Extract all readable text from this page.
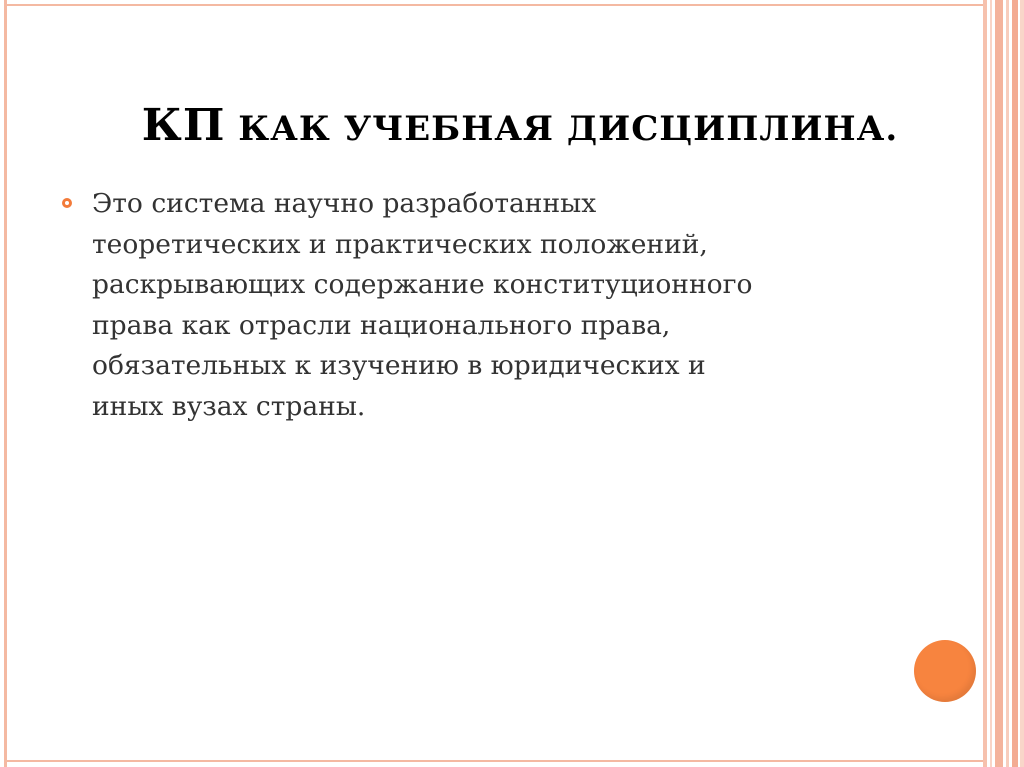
КП КАК УЧЕБНАЯ ДИСЦИПЛИНА.
Это система научно разработанных
теоретических и практических положений,
раскрывающих содержание конституционного
права как отрасли национального права,
обязательных к изучению в юридических и
иных вузах страны.
